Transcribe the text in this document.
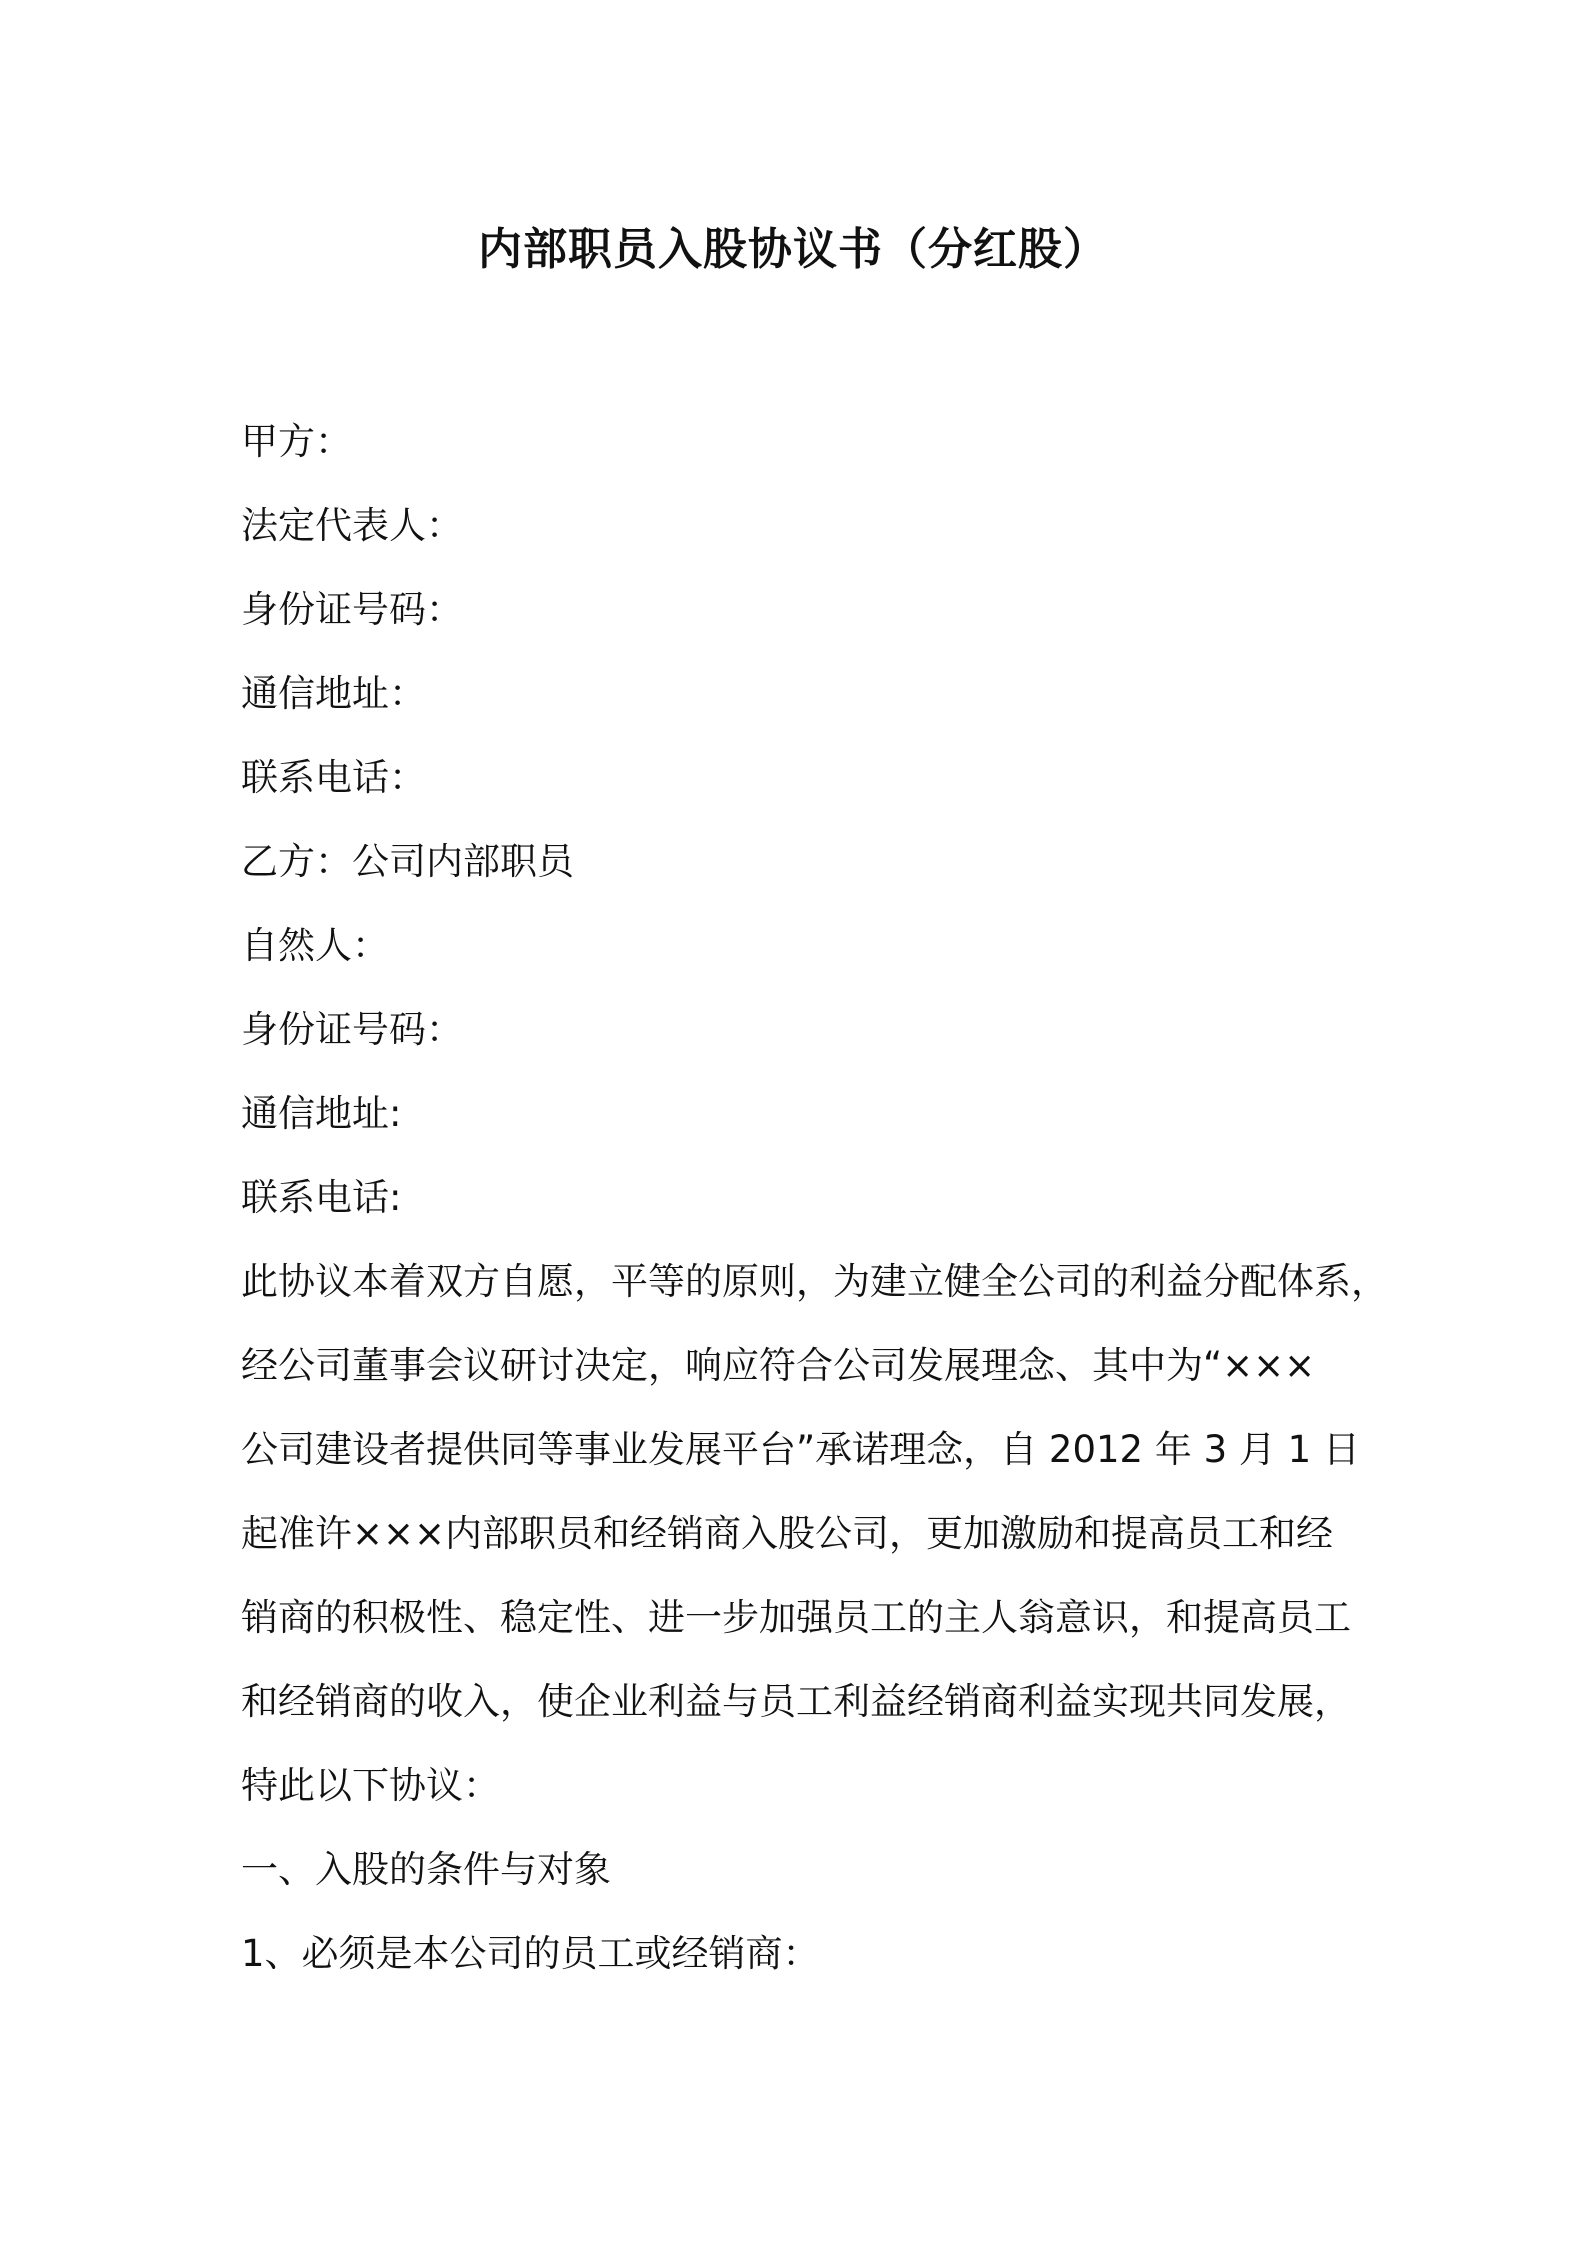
内部职员入股协议书（分红股）
甲方：
法定代表人：
身份证号码：
通信地址：
联系电话：
乙方：公司内部职员
自然人：
身份证号码：
通信地址:
联系电话:
此协议本着双方自愿，平等的原则，为建立健全公司的利益分配体系，
经公司董事会议研讨决定，响应符合公司发展理念、其中为“×××
公司建设者提供同等事业发展平台”承诺理念，自 2012 年 3 月 1 日
起准许×××内部职员和经销商入股公司，更加激励和提高员工和经
销商的积极性、稳定性、进一步加强员工的主人翁意识，和提高员工
和经销商的收入，使企业利益与员工利益经销商利益实现共同发展，
特此以下协议：
一、入股的条件与对象
1、必须是本公司的员工或经销商：
